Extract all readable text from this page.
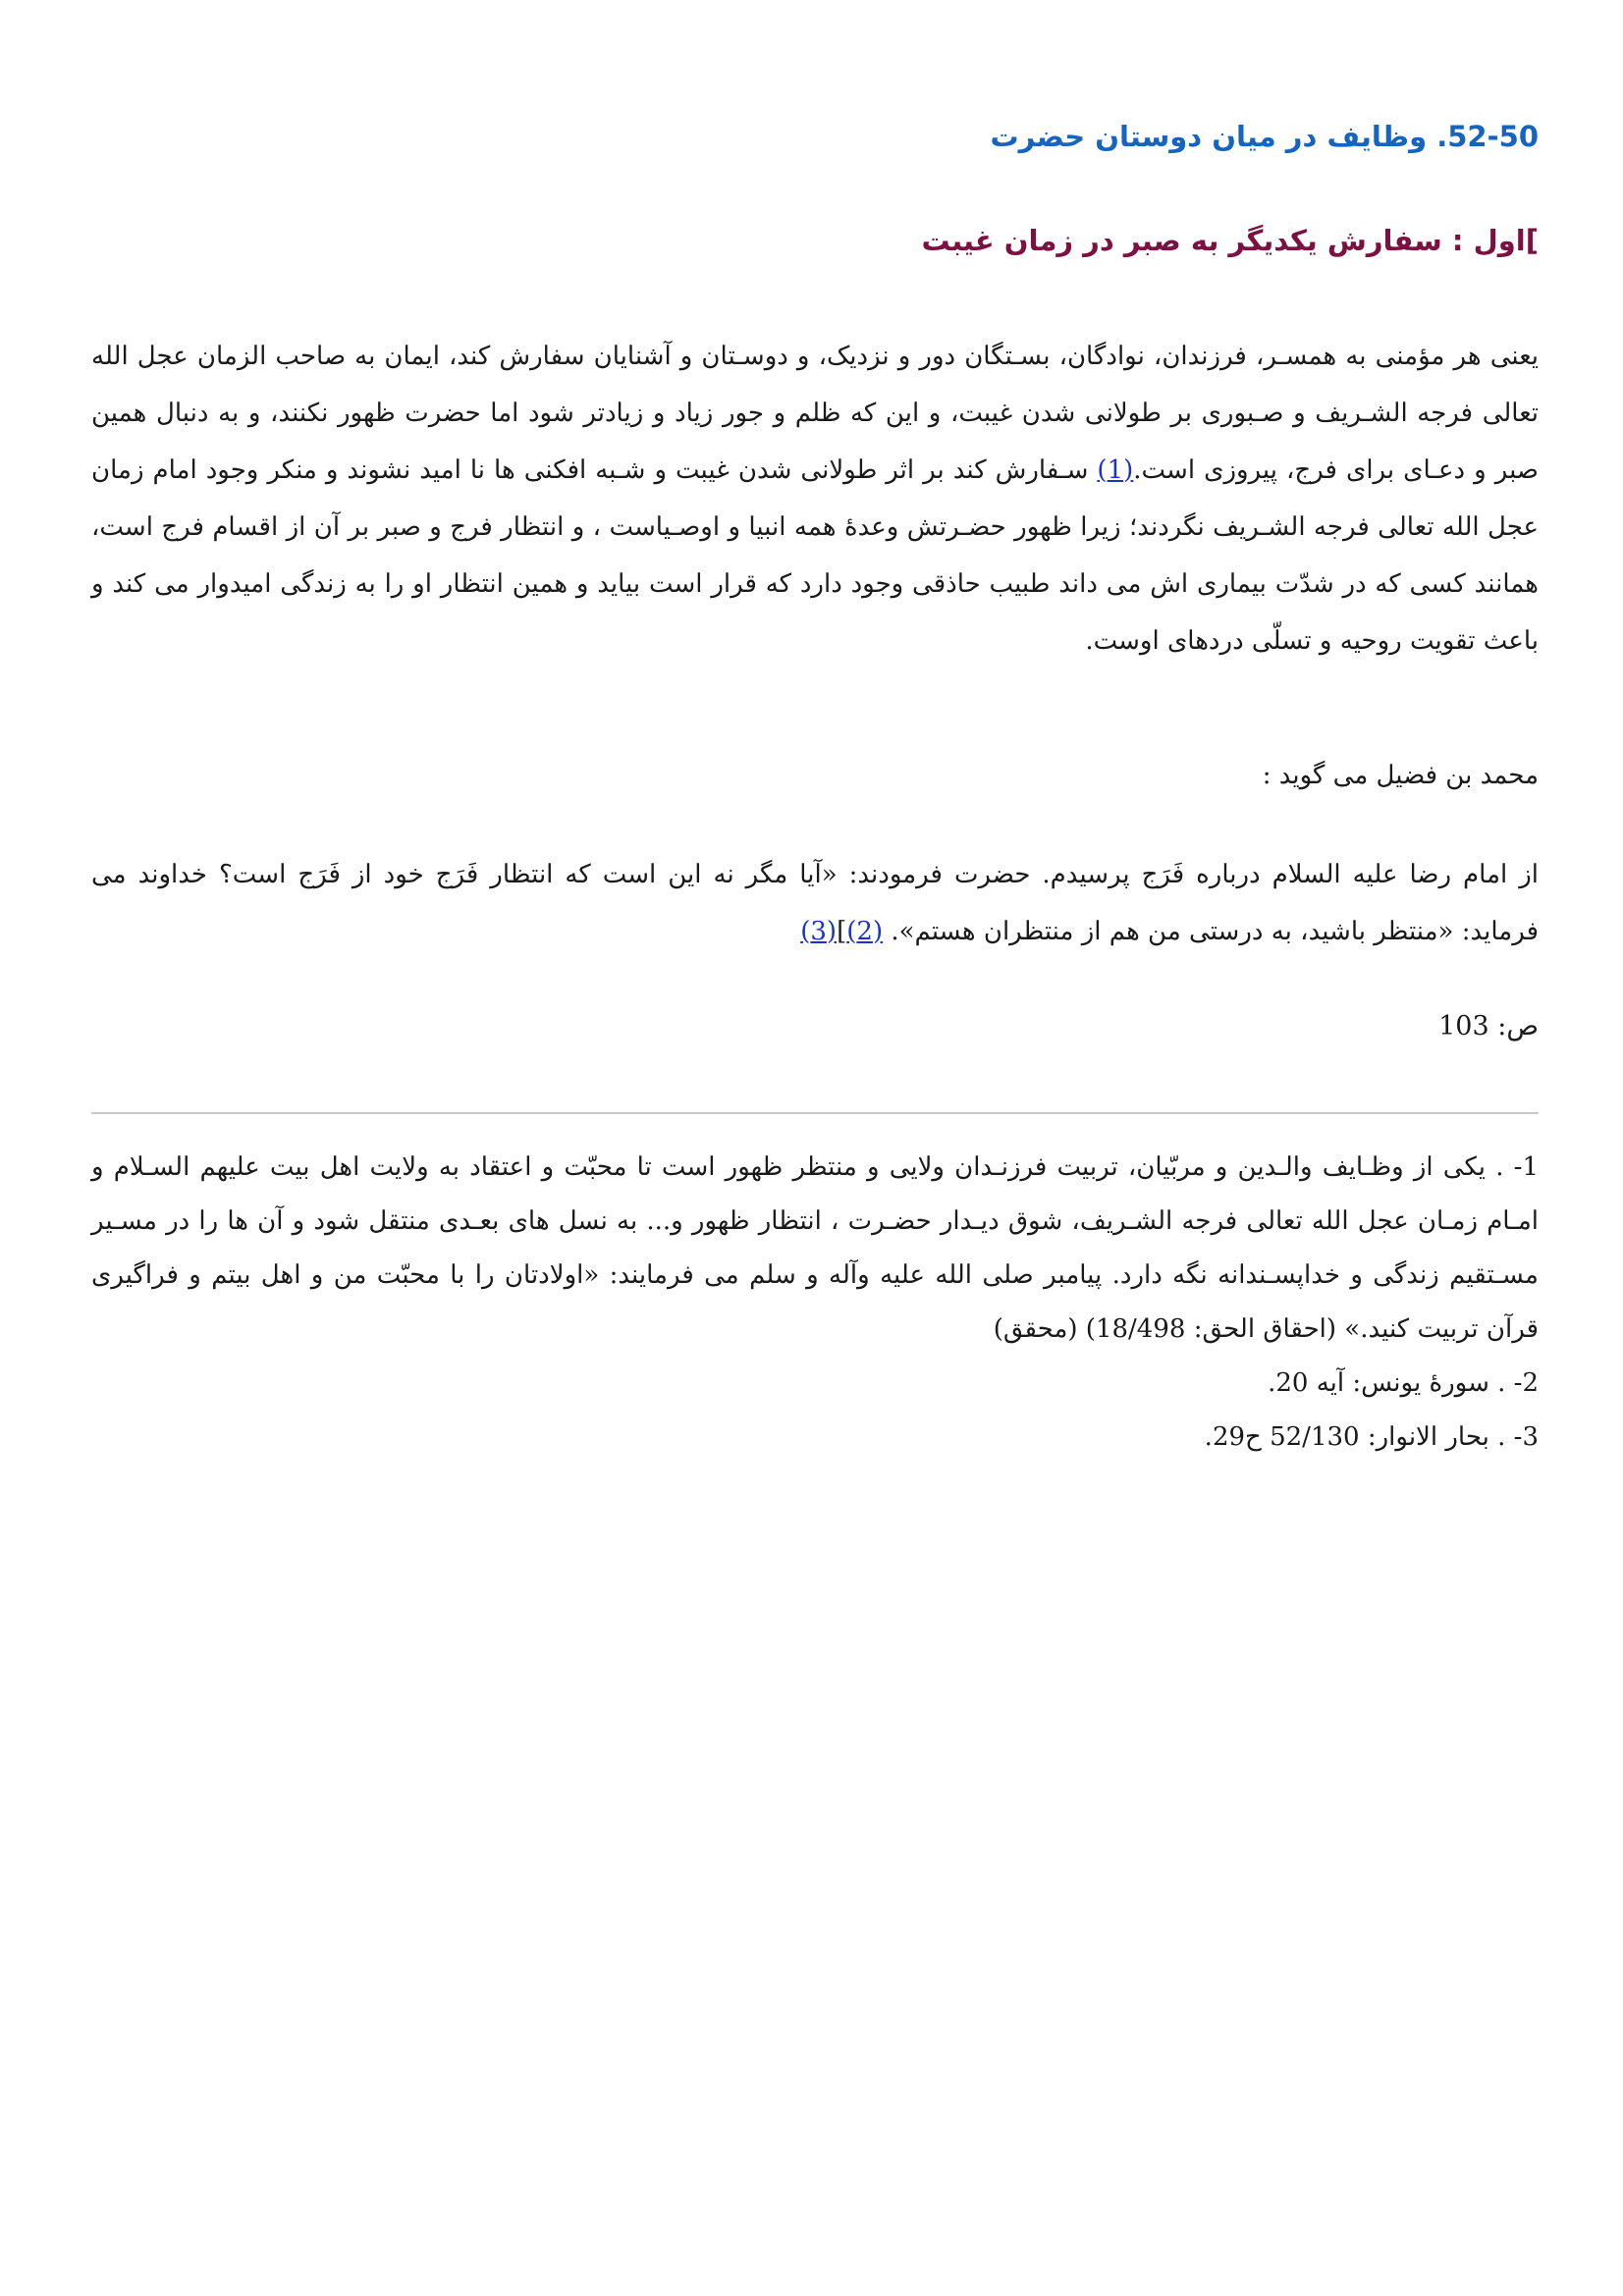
52-50. وظایف در میان دوستان حضرت
]اول : سفارش یکدیگر به صبر در زمان غیبت
یعنی هر مؤمنی به همسـر، فرزندان، نوادگان، بسـتگان دور و نزدیک، و دوسـتان و آشنایان سفارش کند، ایمان به صاحب الزمان عجل الله تعالی فرجه الشـریف و صـبوری بر طولانی شدن غیبت، و این که ظلم و جور زیاد و زیادتر شود اما حضرت ظهور نکنند، و به دنبال همین صبر و دعـای برای فرج، پیروزی است.(1) سـفارش کند بر اثر طولانی شدن غیبت و شـبه افکنی ها نا امید نشوند و منکر وجود امام زمان عجل الله تعالی فرجه الشـریف نگردند؛ زیرا ظهور حضـرتش وعدهٔ همه انبیا و اوصـیاست ، و انتظار فرج و صبر بر آن از اقسام فرج است، همانند کسی که در شدّت بیماری اش می داند طبیب حاذقی وجود دارد که قرار است بیاید و همین انتظار او را به زندگی امیدوار می کند و باعث تقویت روحیه و تسلّی دردهای اوست.
محمد بن فضیل می گوید :
از امام رضا علیه السلام درباره فَرَج پرسیدم. حضرت فرمودند: «آیا مگر نه این است که انتظار فَرَج خود از فَرَج است؟ خداوند می فرماید: «منتظر باشید، به درستی من هم از منتظران هستم». (2)](3)
ص: 103
1- . یکی از وظـایف والـدین و مربّیان، تربیت فرزنـدان ولایی و منتظر ظهور است تا محبّت و اعتقاد به ولایت اهل بیت علیهم السـلام و امـام زمـان عجل الله تعالی فرجه الشـریف، شوق دیـدار حضـرت ، انتظار ظهور و... به نسل های بعـدی منتقل شود و آن ها را در مسـیر مسـتقیم زندگی و خداپسـندانه نگه دارد. پیامبر صلی الله علیه وآله و سلم می فرمایند: «اولادتان را با محبّت من و اهل بیتم و فراگیری قرآن تربیت کنید.» (احقاق الحق: 18/498) (محقق)
2- . سورهٔ یونس: آیه 20.
3- . بحار الانوار: 52/130 ح29.
